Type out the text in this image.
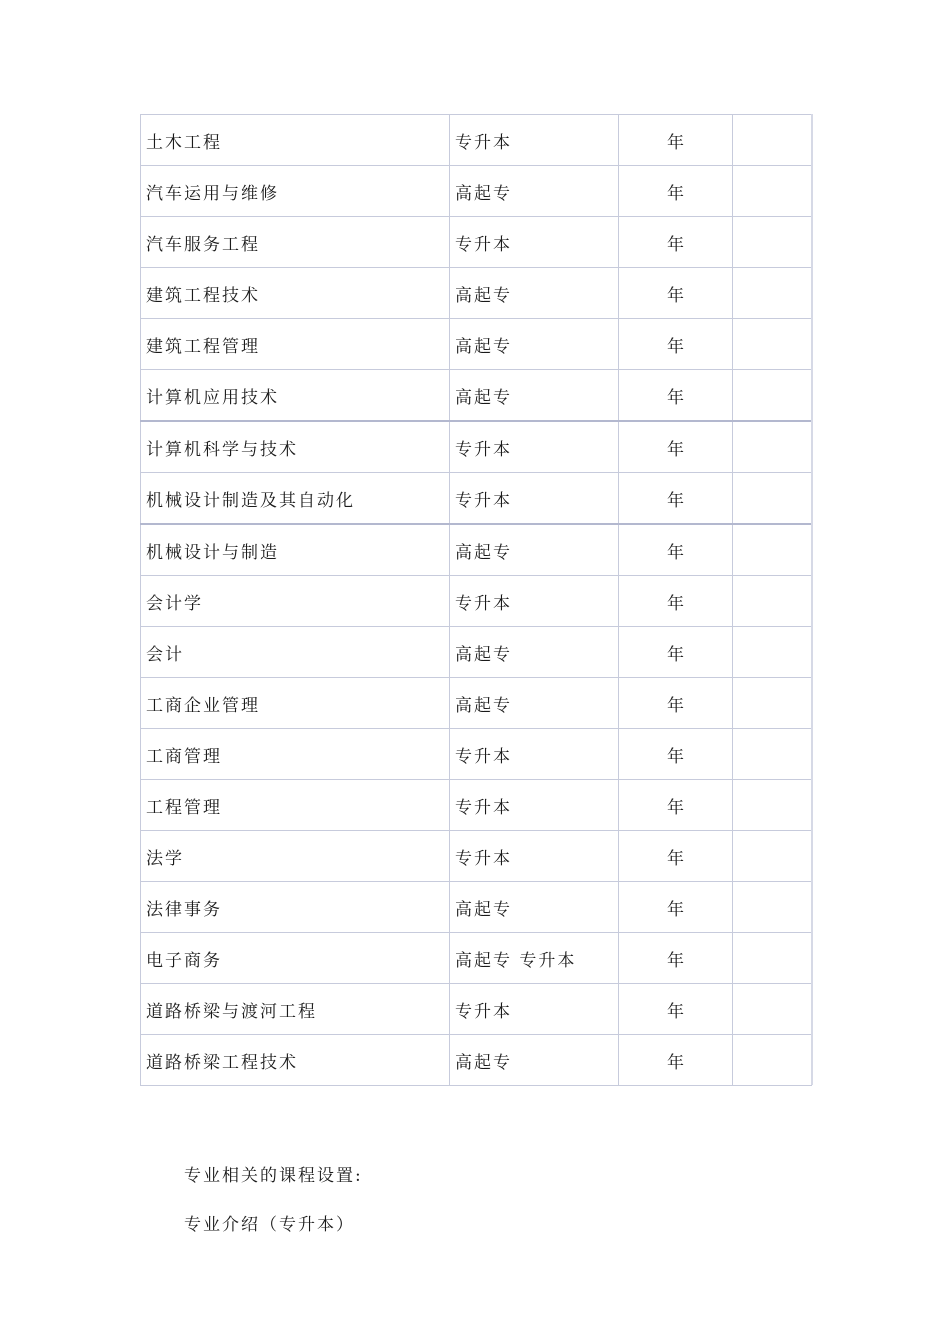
土木工程	专升本	年	
汽车运用与维修	高起专	年	
汽车服务工程	专升本	年	
建筑工程技术	高起专	年	
建筑工程管理	高起专	年	
计算机应用技术	高起专	年	
计算机科学与技术	专升本	年	
机械设计制造及其自动化	专升本	年	
机械设计与制造	高起专	年	
会计学	专升本	年	
会计	高起专	年	
工商企业管理	高起专	年	
工商管理	专升本	年	
工程管理	专升本	年	
法学	专升本	年	
法律事务	高起专	年	
电子商务	高起专 专升本	年	
道路桥梁与渡河工程	专升本	年	
道路桥梁工程技术	高起专	年	

专业相关的课程设置:

专业介绍（专升本）
